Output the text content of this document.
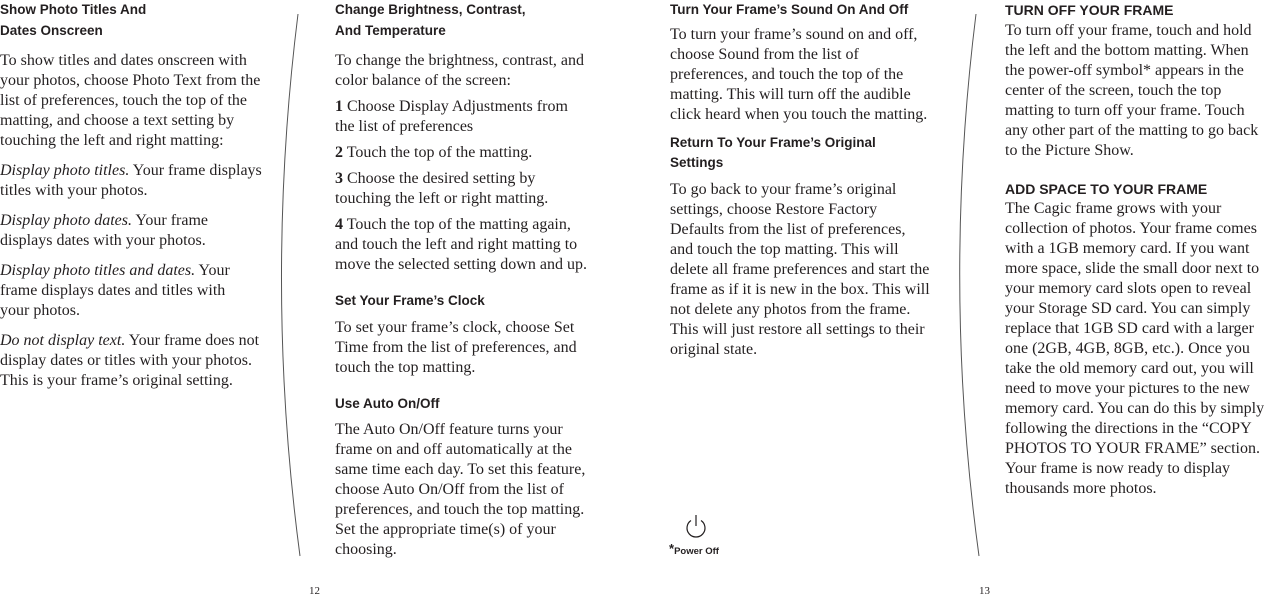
Show Photo Titles And
Dates Onscreen

To show titles and dates onscreen with your photos, choose Photo Text from the list of preferences, touch the top of the matting, and choose a text setting by touching the left and right matting:

Display photo titles. Your frame displays titles with your photos.

Display photo dates. Your frame displays dates with your photos.

Display photo titles and dates. Your frame displays dates and titles with your photos.

Do not display text. Your frame does not display dates or titles with your photos. This is your frame’s original setting.

Change Brightness, Contrast,
And Temperature

To change the brightness, contrast, and color balance of the screen:

1 Choose Display Adjustments from the list of preferences

2 Touch the top of the matting.

3 Choose the desired setting by touching the left or right matting.

4 Touch the top of the matting again, and touch the left and right matting to move the selected setting down and up.

Set Your Frame’s Clock

To set your frame’s clock, choose Set Time from the list of preferences, and touch the top matting.

Use Auto On/Off

The Auto On/Off feature turns your frame on and off automatically at the same time each day. To set this feature, choose Auto On/Off from the list of preferences, and touch the top matting. Set the appropriate time(s) of your choosing.

Turn Your Frame’s Sound On And Off

To turn your frame’s sound on and off, choose Sound from the list of preferences, and touch the top of the matting. This will turn off the audible click heard when you touch the matting.

Return To Your Frame’s Original
Settings

To go back to your frame’s original settings, choose Restore Factory Defaults from the list of preferences, and touch the top matting. This will delete all frame preferences and start the frame as if it is new in the box. This will not delete any photos from the frame. This will just restore all settings to their original state.

*Power Off
TURN OFF YOUR FRAME

To turn off your frame, touch and hold the left and the bottom matting. When the power-off symbol* appears in the center of the screen, touch the top matting to turn off your frame. Touch any other part of the matting to go back to the Picture Show.

ADD SPACE TO YOUR FRAME

The Cagic frame grows with your collection of photos. Your frame comes with a 1GB memory card. If you want more space, slide the small door next to your memory card slots open to reveal your Storage SD card. You can simply replace that 1GB SD card with a larger one (2GB, 4GB, 8GB, etc.). Once you take the old memory card out, you will need to move your pictures to the new memory card. You can do this by simply following the directions in the “COPY PHOTOS TO YOUR FRAME” section. Your frame is now ready to display thousands more photos.

12	13
